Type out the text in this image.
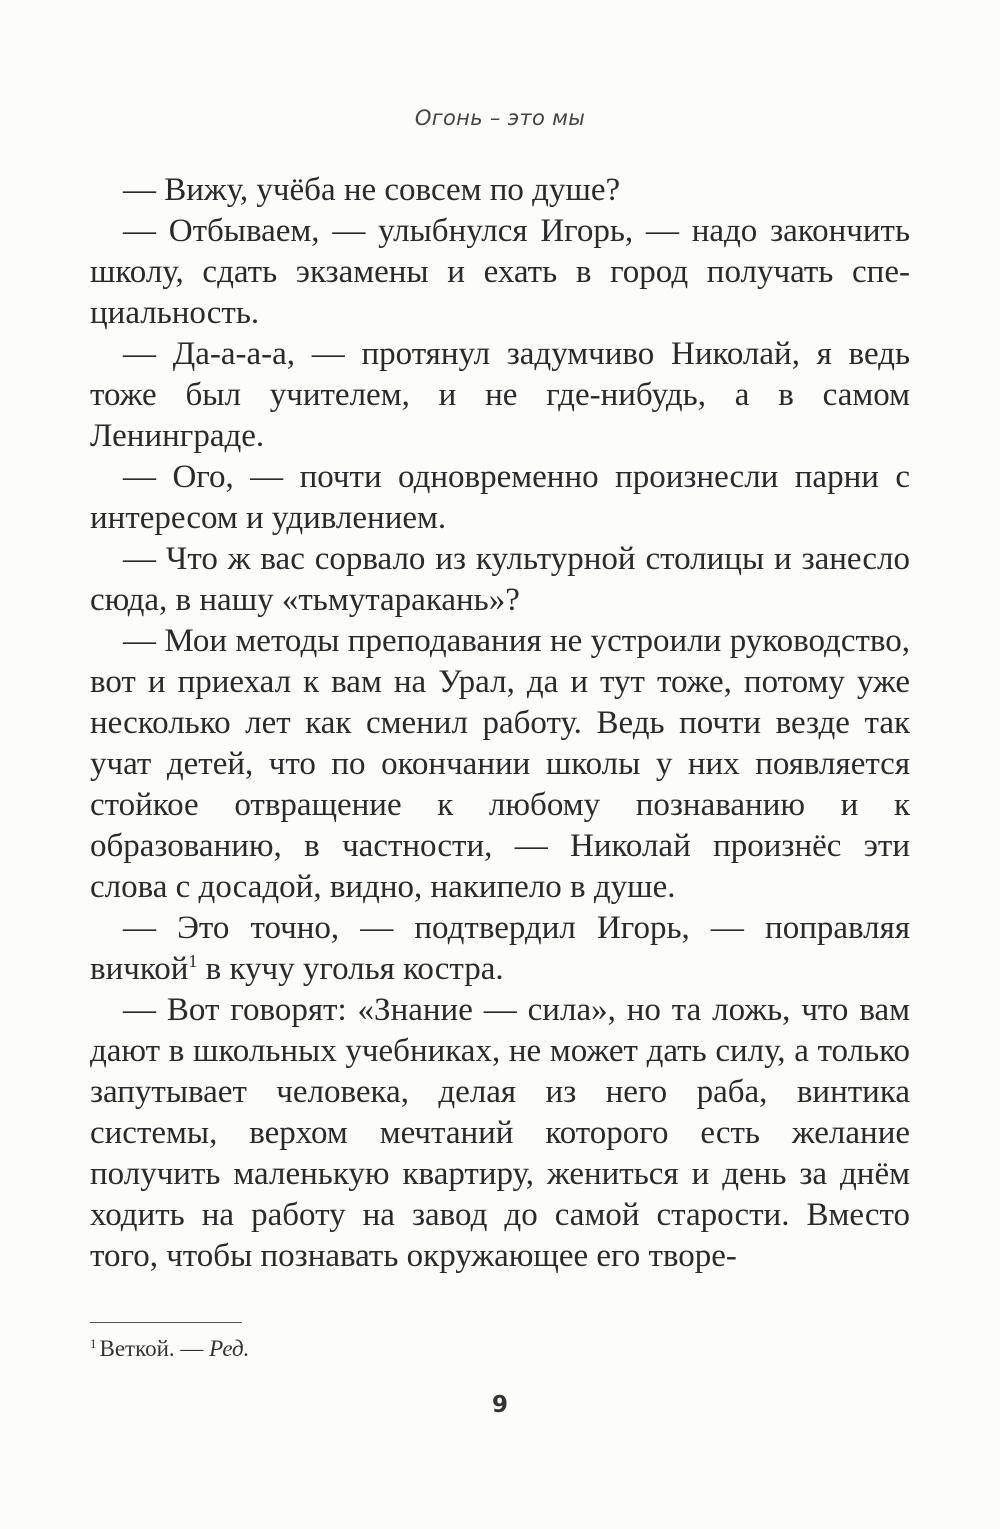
Огонь – это мы

— Вижу, учёба не совсем по душе?

— Отбываем, — улыбнулся Игорь, — надо закончить школу, сдать экзамены и ехать в город получать специальность.

— Да-а-а-а, — протянул задумчиво Николай, я ведь тоже был учителем, и не где-нибудь, а в самом Ленинграде.

— Ого, — почти одновременно произнесли парни с интересом и удивлением.

— Что ж вас сорвало из культурной столицы и занесло сюда, в нашу «тьмутаракань»?

— Мои методы преподавания не устроили руководство, вот и приехал к вам на Урал, да и тут тоже, потому уже несколько лет как сменил работу. Ведь почти везде так учат детей, что по окончании школы у них появляется стойкое отвращение к любому познаванию и к образованию, в частности, — Николай произнёс эти слова с досадой, видно, накипело в душе.

— Это точно, — подтвердил Игорь, — поправляя вичкой$^1$ в кучу уголья костра.

— Вот говорят: «Знание — сила», но та ложь, что вам дают в школьных учебниках, не может дать силу, а только запутывает человека, делая из него раба, винтика системы, верхом мечтаний которого есть желание получить маленькую квартиру, жениться и день за днём ходить на работу на завод до самой старости. Вместо того, чтобы познавать окружающее его творе-

$^1$ Веткой. — Ред.
9
